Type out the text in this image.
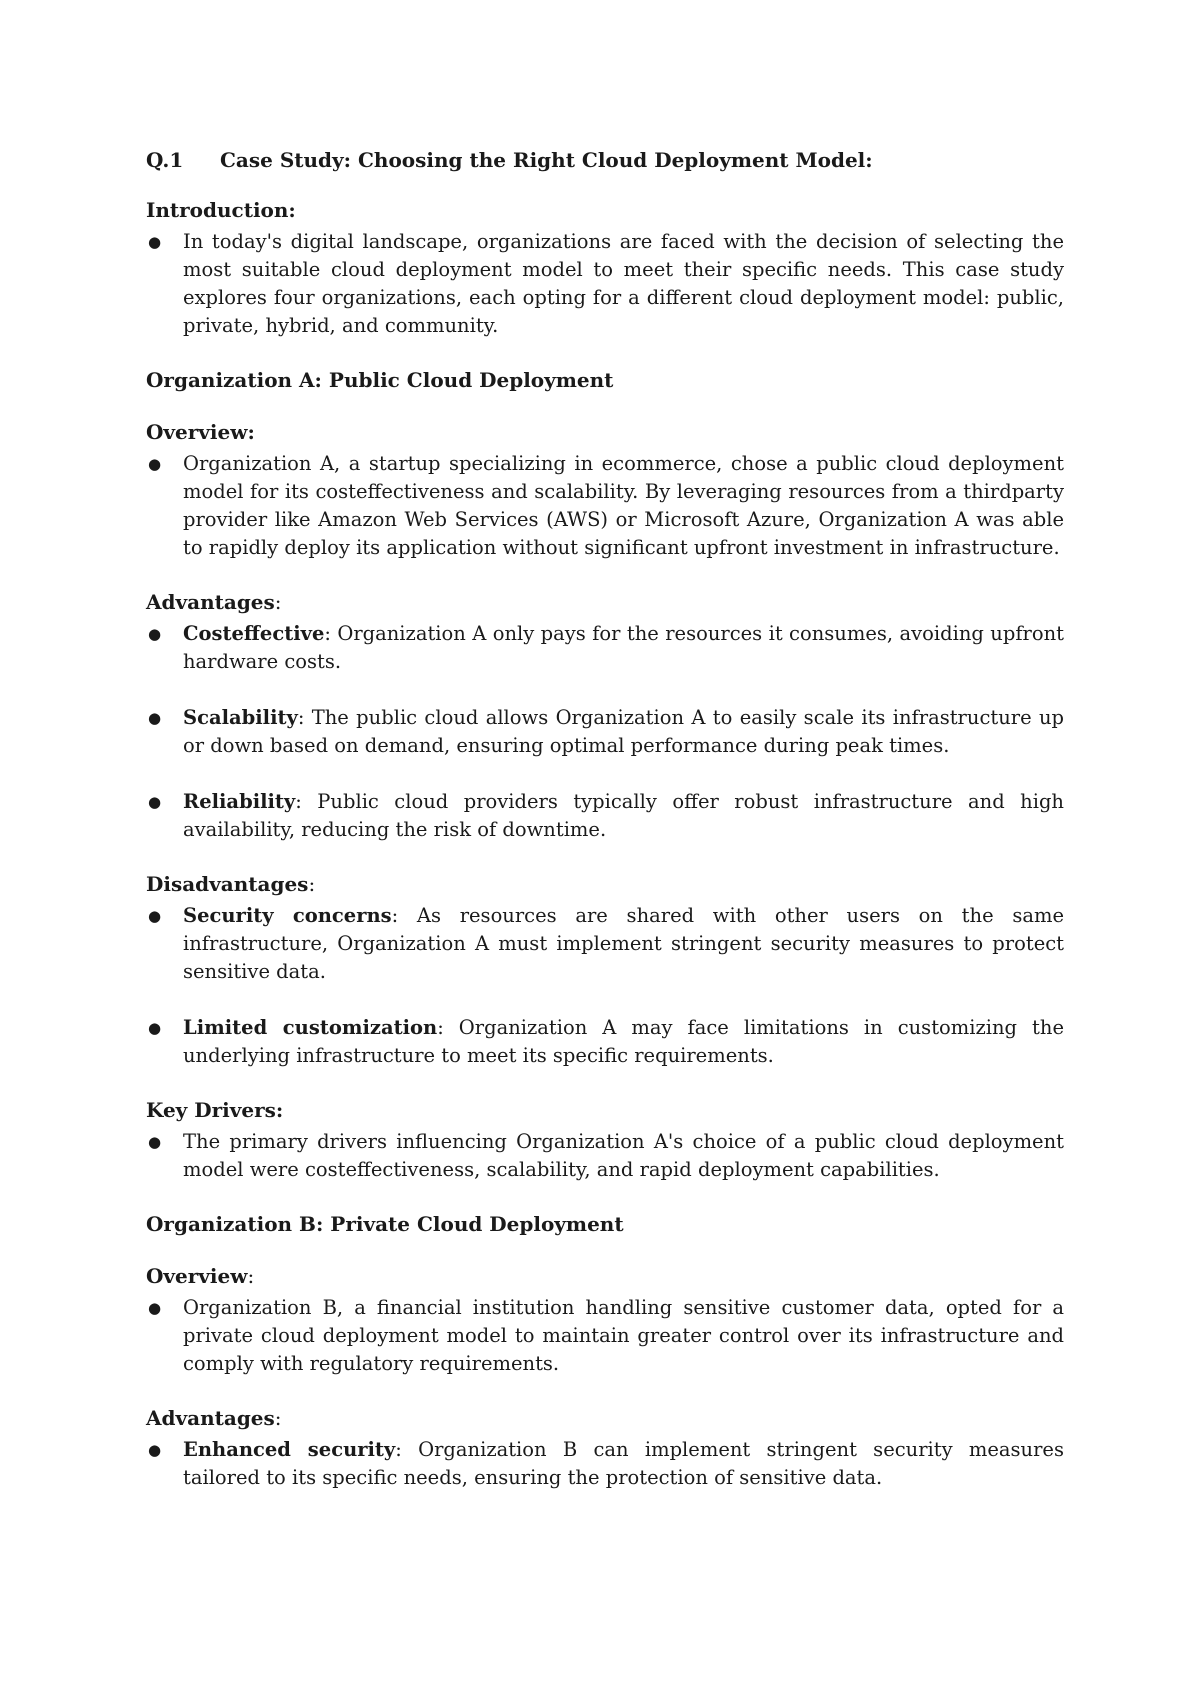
Q.1 Case Study: Choosing the Right Cloud Deployment Model:
Introduction:
● In today's digital landscape, organizations are faced with the decision of selecting the most suitable cloud deployment model to meet their specific needs. This case study explores four organizations, each opting for a different cloud deployment model: public, private, hybrid, and community.
Organization A: Public Cloud Deployment
Overview:
● Organization A, a startup specializing in ecommerce, chose a public cloud deployment model for its costeffectiveness and scalability. By leveraging resources from a thirdparty provider like Amazon Web Services (AWS) or Microsoft Azure, Organization A was able to rapidly deploy its application without significant upfront investment in infrastructure.
Advantages:
● Costeffective: Organization A only pays for the resources it consumes, avoiding upfront hardware costs.
● Scalability: The public cloud allows Organization A to easily scale its infrastructure up or down based on demand, ensuring optimal performance during peak times.
● Reliability: Public cloud providers typically offer robust infrastructure and high availability, reducing the risk of downtime.
Disadvantages:
● Security concerns: As resources are shared with other users on the same infrastructure, Organization A must implement stringent security measures to protect sensitive data.
● Limited customization: Organization A may face limitations in customizing the underlying infrastructure to meet its specific requirements.
Key Drivers:
● The primary drivers influencing Organization A's choice of a public cloud deployment model were costeffectiveness, scalability, and rapid deployment capabilities.
Organization B: Private Cloud Deployment
Overview:
● Organization B, a financial institution handling sensitive customer data, opted for a private cloud deployment model to maintain greater control over its infrastructure and comply with regulatory requirements.
Advantages:
● Enhanced security: Organization B can implement stringent security measures tailored to its specific needs, ensuring the protection of sensitive data.
